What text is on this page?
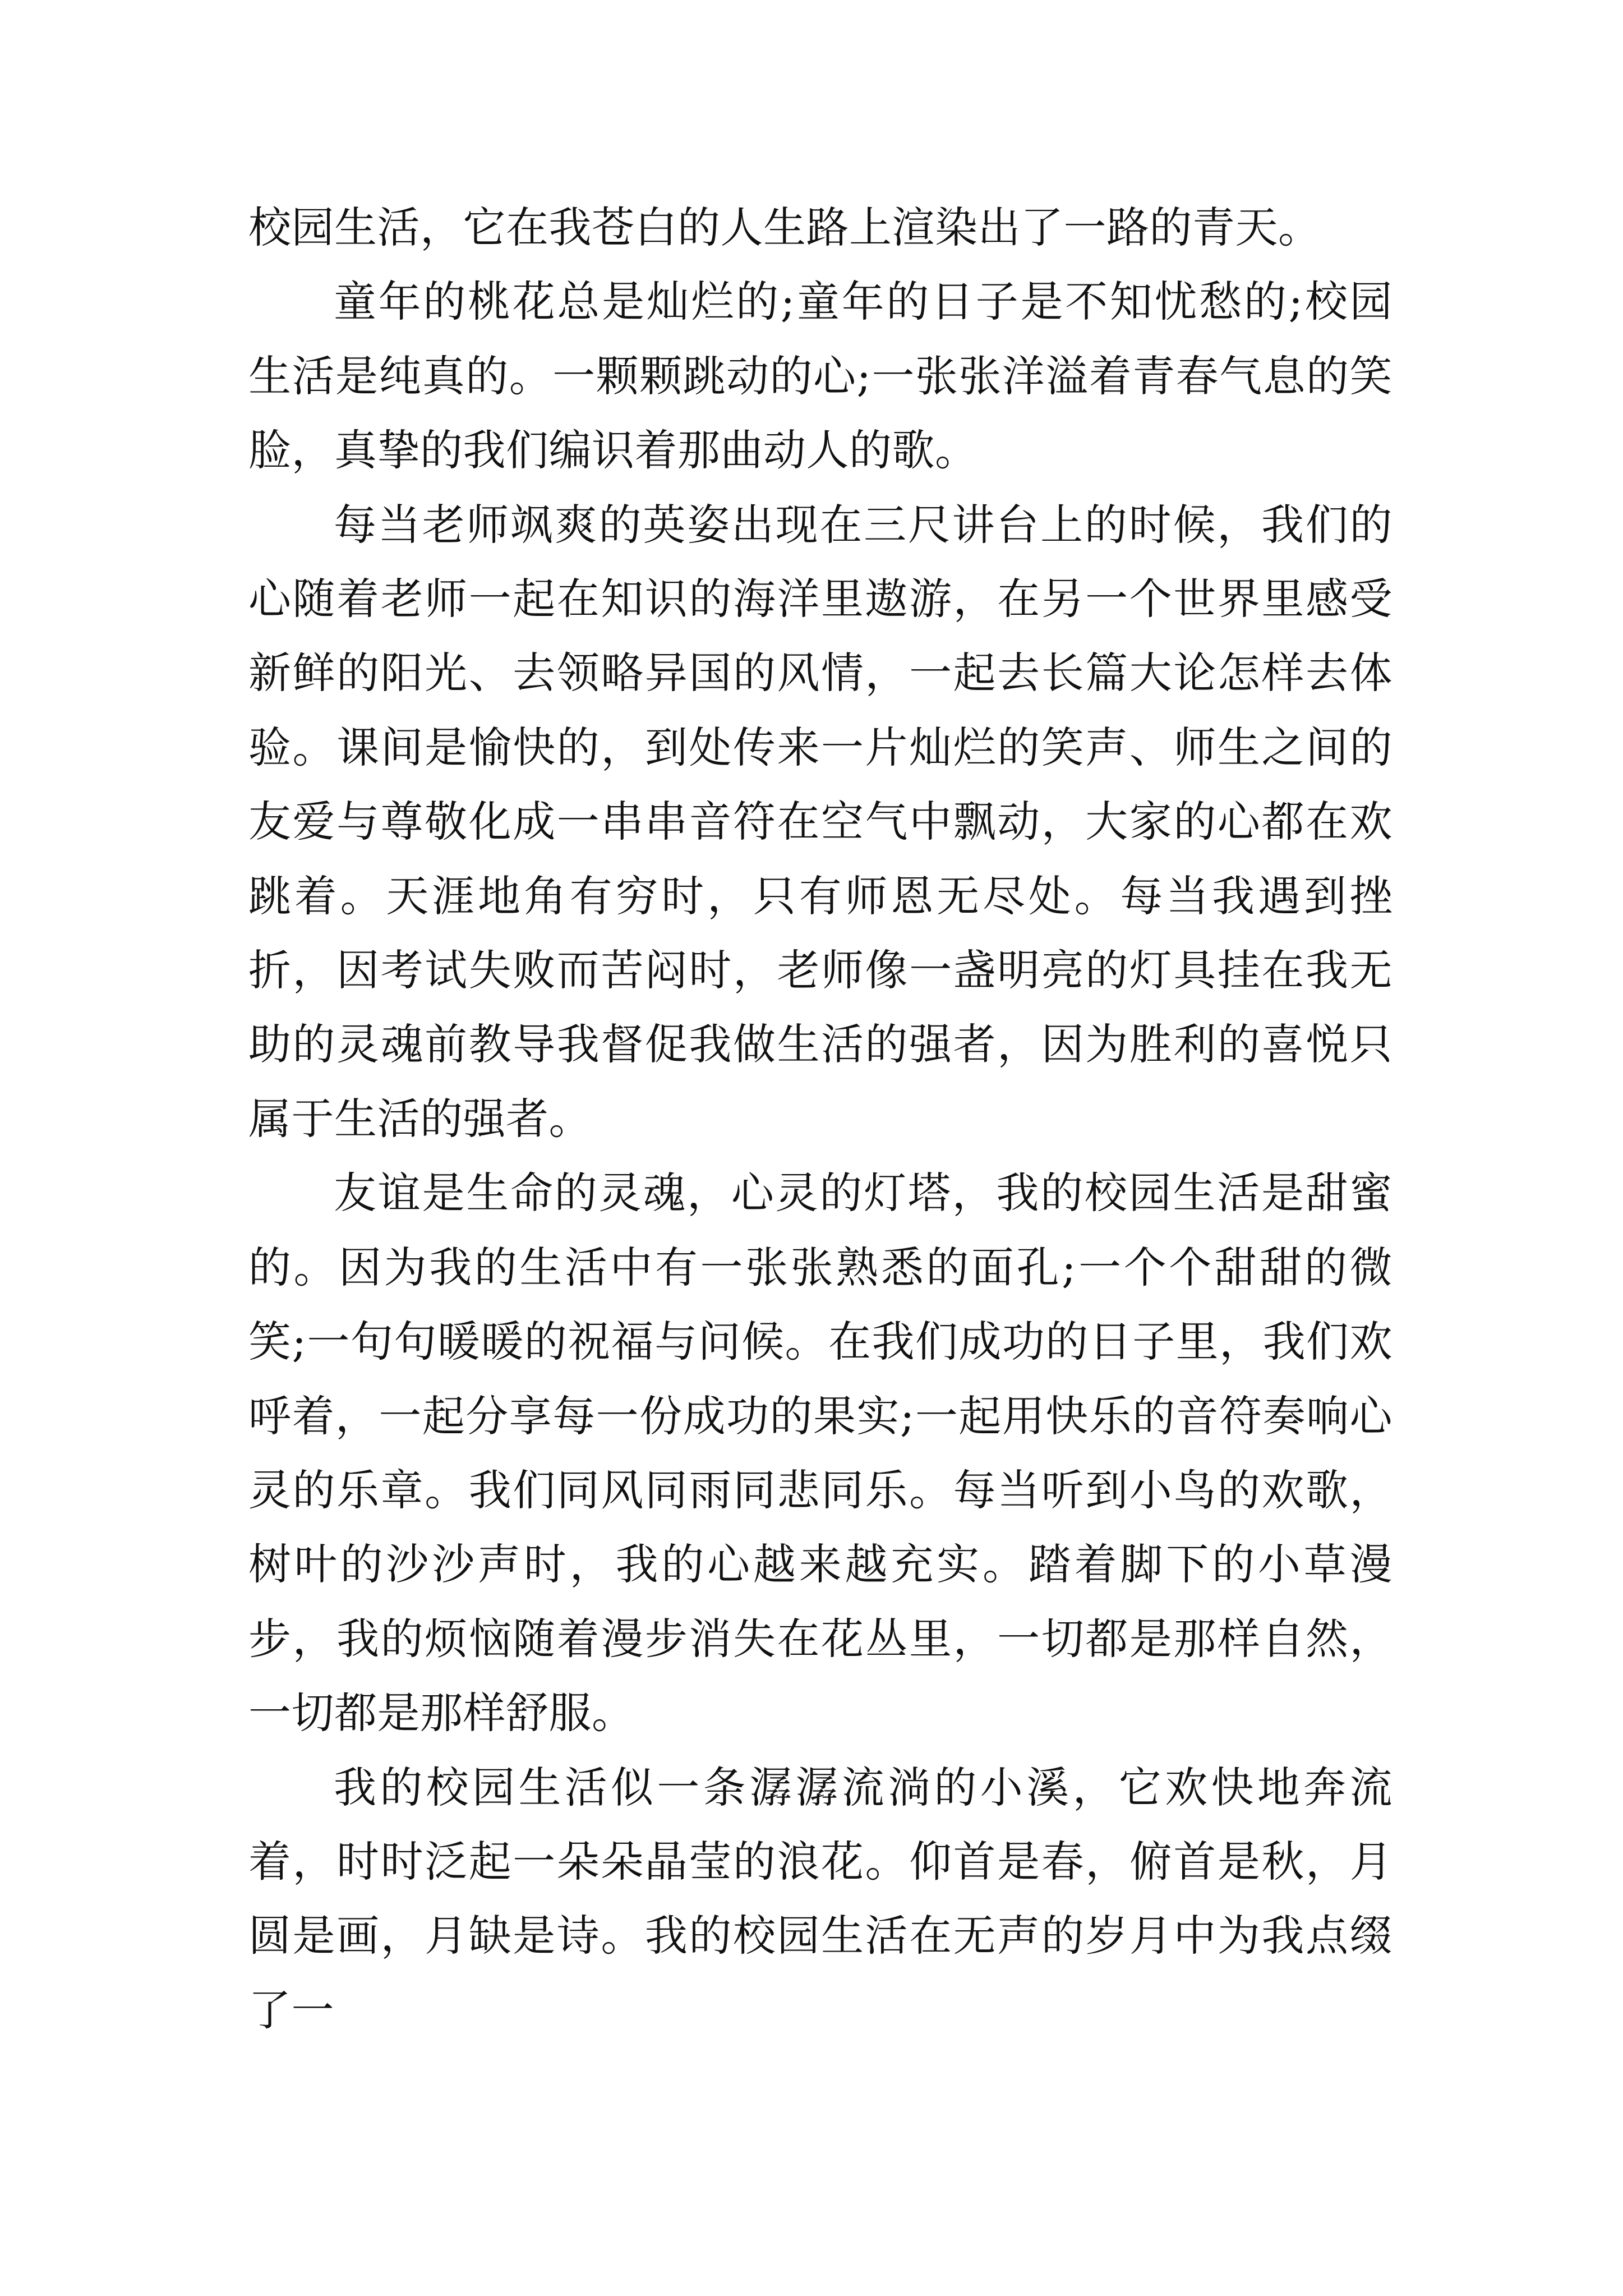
校园生活，它在我苍白的人生路上渲染出了一路的青天。

童年的桃花总是灿烂的;童年的日子是不知忧愁的;校园生活是纯真的。一颗颗跳动的心;一张张洋溢着青春气息的笑脸，真挚的我们编识着那曲动人的歌。

每当老师飒爽的英姿出现在三尺讲台上的时候，我们的心随着老师一起在知识的海洋里遨游，在另一个世界里感受新鲜的阳光、去领略异国的风情，一起去长篇大论怎样去体验。课间是愉快的，到处传来一片灿烂的笑声、师生之间的友爱与尊敬化成一串串音符在空气中飘动，大家的心都在欢跳着。天涯地角有穷时，只有师恩无尽处。每当我遇到挫折，因考试失败而苦闷时，老师像一盏明亮的灯具挂在我无助的灵魂前教导我督促我做生活的强者，因为胜利的喜悦只属于生活的强者。

友谊是生命的灵魂，心灵的灯塔，我的校园生活是甜蜜的。因为我的生活中有一张张熟悉的面孔;一个个甜甜的微笑;一句句暖暖的祝福与问候。在我们成功的日子里，我们欢呼着，一起分享每一份成功的果实;一起用快乐的音符奏响心灵的乐章。我们同风同雨同悲同乐。每当听到小鸟的欢歌，树叶的沙沙声时，我的心越来越充实。踏着脚下的小草漫步，我的烦恼随着漫步消失在花丛里，一切都是那样自然，一切都是那样舒服。

我的校园生活似一条潺潺流淌的小溪，它欢快地奔流着，时时泛起一朵朵晶莹的浪花。仰首是春，俯首是秋，月圆是画，月缺是诗。我的校园生活在无声的岁月中为我点缀了一
